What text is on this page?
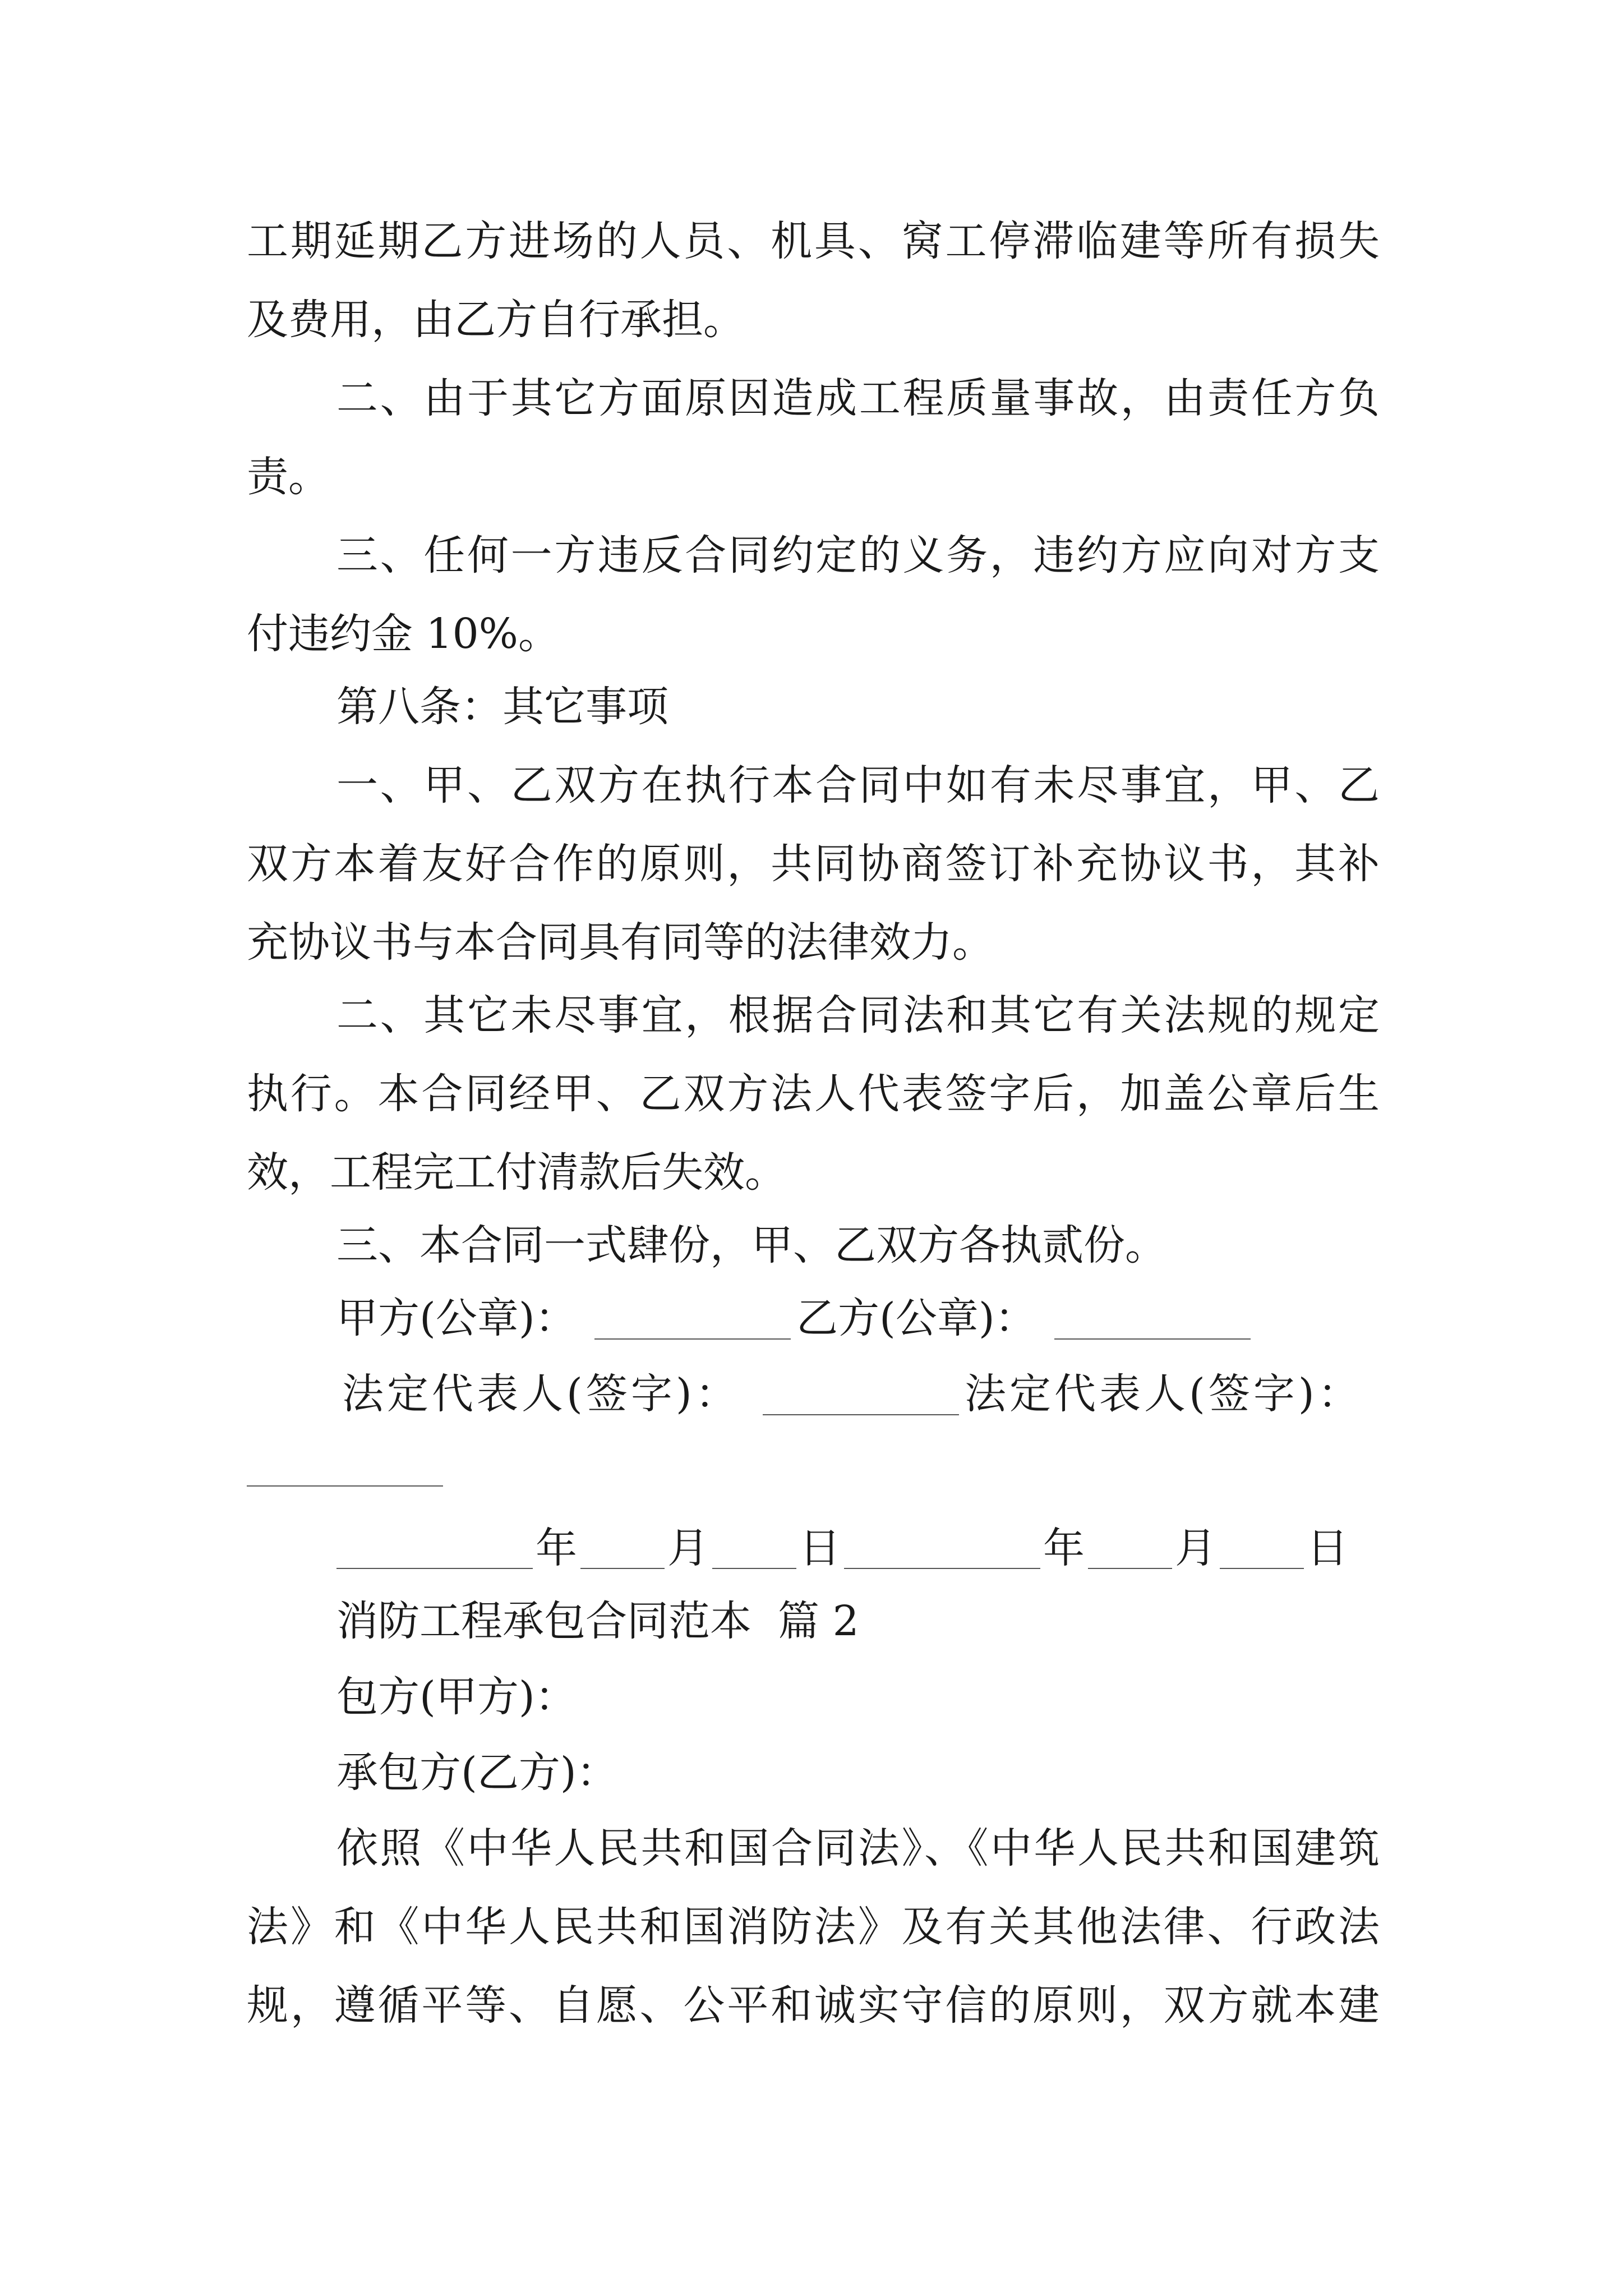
工期延期乙方进场的人员、机具、窝工停滞临建等所有损失
及费用，由乙方自行承担。
二、由于其它方面原因造成工程质量事故，由责任方负
责。
三、任何一方违反合同约定的义务，违约方应向对方支
付违约金 10%。
第八条：其它事项
一、甲、乙双方在执行本合同中如有未尽事宜，甲、乙
双方本着友好合作的原则，共同协商签订补充协议书，其补
充协议书与本合同具有同等的法律效力。
二、其它未尽事宜，根据合同法和其它有关法规的规定
执行。本合同经甲、乙双方法人代表签字后，加盖公章后生
效，工程完工付清款后失效。
三、本合同一式肆份，甲、乙双方各执贰份。
甲方(公章)：	乙方(公章)：
法定代表人(签字)：	法定代表人(签字)：
年 月 日	年 月 日
消防工程承包合同范本  篇 2
包方(甲方)：
承包方(乙方)：
依照《中华人民共和国合同法》、《中华人民共和国建筑
法》和《中华人民共和国消防法》及有关其他法律、行政法
规，遵循平等、自愿、公平和诚实守信的原则，双方就本建
